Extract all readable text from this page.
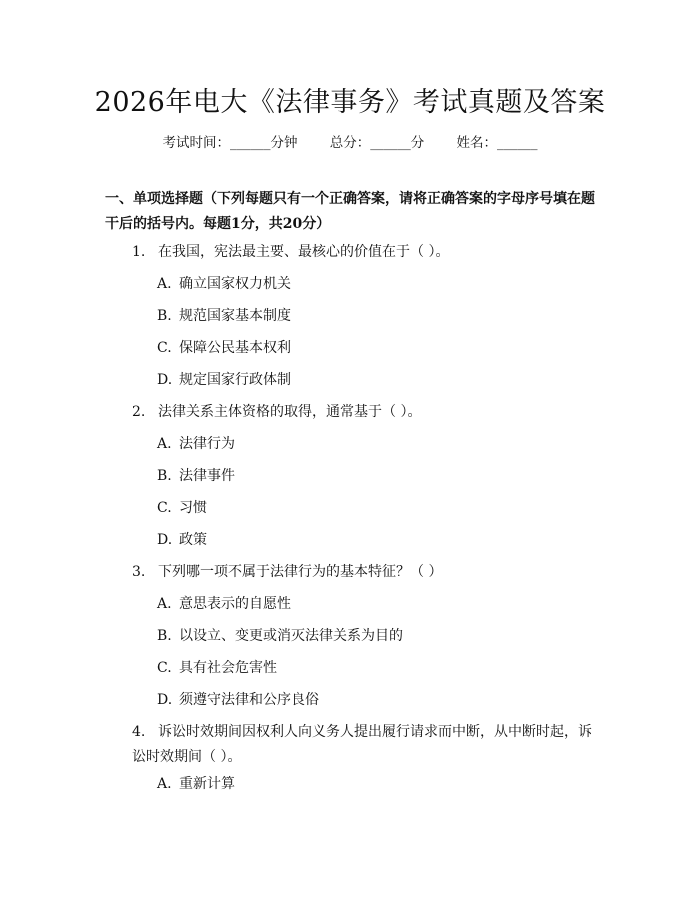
2026年电大《法律事务》考试真题及答案
考试时间：______分钟 总分：______分 姓名：______
一、单项选择题（下列每题只有一个正确答案，请将正确答案的字母序号填在题干后的括号内。每题1分，共20分）
1. 在我国，宪法最主要、最核心的价值在于（ ）。
A. 确立国家权力机关
B. 规范国家基本制度
C. 保障公民基本权利
D. 规定国家行政体制
2. 法律关系主体资格的取得，通常基于（ ）。
A. 法律行为
B. 法律事件
C. 习惯
D. 政策
3. 下列哪一项不属于法律行为的基本特征？（ ）
A. 意思表示的自愿性
B. 以设立、变更或消灭法律关系为目的
C. 具有社会危害性
D. 须遵守法律和公序良俗
4. 诉讼时效期间因权利人向义务人提出履行请求而中断，从中断时起，诉讼时效期间（ ）。
A. 重新计算
